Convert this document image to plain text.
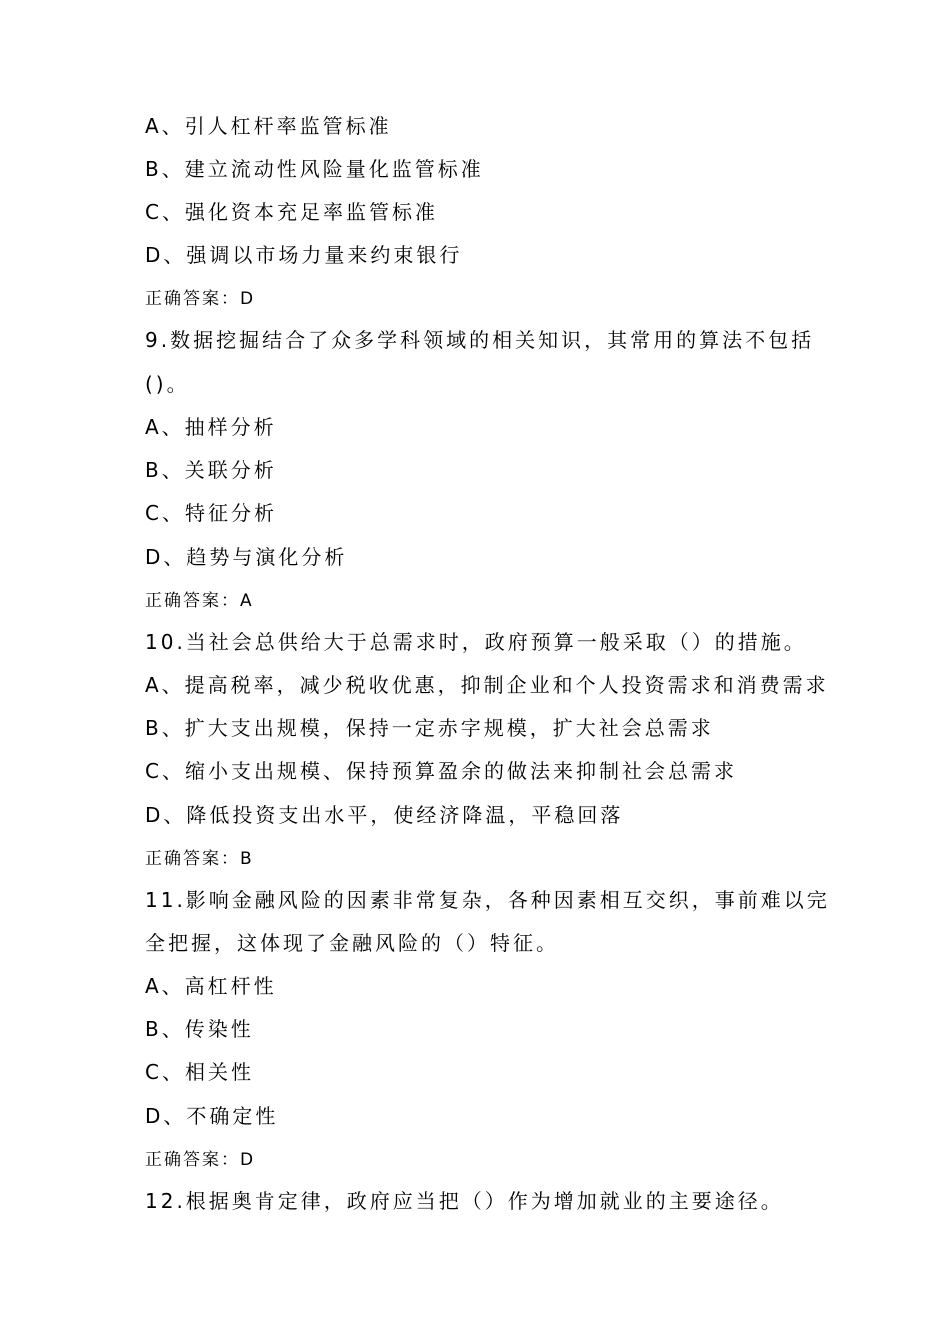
A、引人杠杆率监管标准
B、建立流动性风险量化监管标准
C、强化资本充足率监管标准
D、强调以市场力量来约束银行
正确答案：D
9.数据挖掘结合了众多学科领域的相关知识，其常用的算法不包括
()。
A、抽样分析
B、关联分析
C、特征分析
D、趋势与演化分析
正确答案：A
10.当社会总供给大于总需求时，政府预算一般采取（）的措施。
A、提高税率，减少税收优惠，抑制企业和个人投资需求和消费需求
B、扩大支出规模，保持一定赤字规模，扩大社会总需求
C、缩小支出规模、保持预算盈余的做法来抑制社会总需求
D、降低投资支出水平，使经济降温，平稳回落
正确答案：B
11.影响金融风险的因素非常复杂，各种因素相互交织，事前难以完
全把握，这体现了金融风险的（）特征。
A、高杠杆性
B、传染性
C、相关性
D、不确定性
正确答案：D
12.根据奥肯定律，政府应当把（）作为增加就业的主要途径。
